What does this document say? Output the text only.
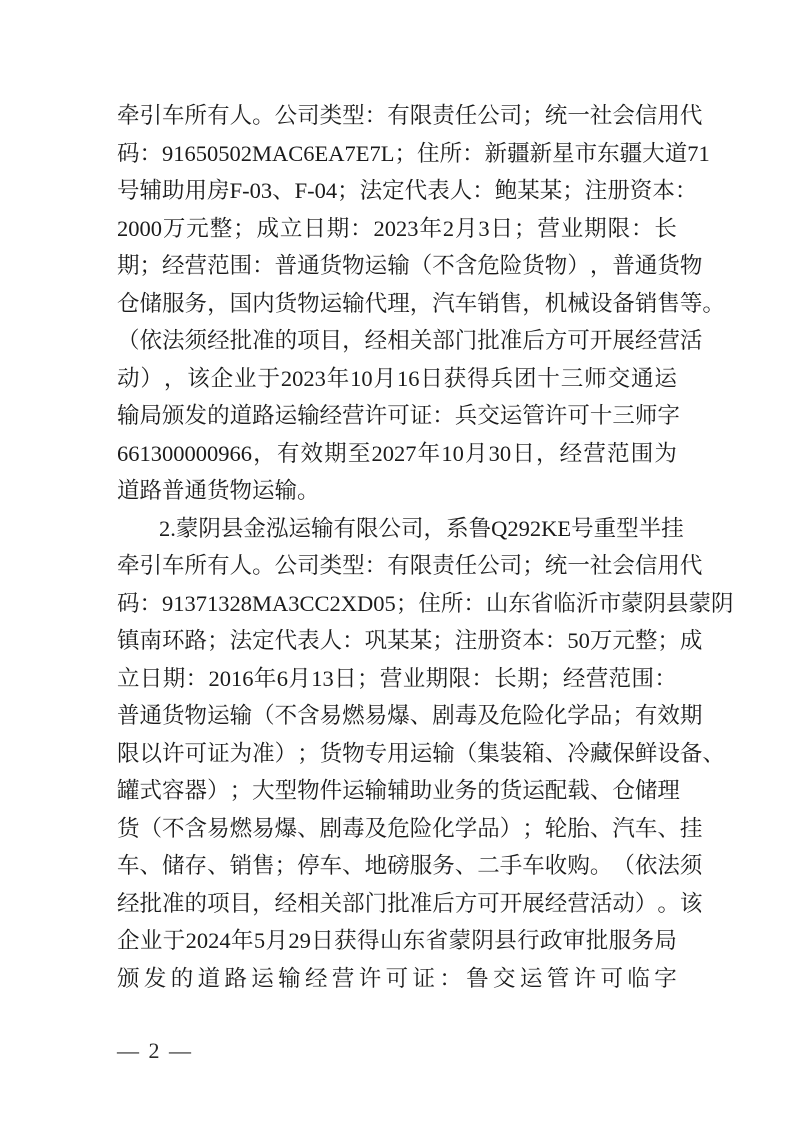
牵 引 车 所 有 人 。 公 司 类 型 ： 有 限 责 任 公 司 ； 统 一 社 会 信 用 代
码 ： 91650502MAC6EA7E7L ； 住 所 ： 新 疆 新 星 市 东 疆 大 道 71
号 辅 助 用 房 F-03 、 F-04 ； 法 定 代 表 人 ： 鲍 某 某 ； 注 册 资 本 ：
2000 万 元 整 ； 成 立 日 期 ： 2023 年 2 月 3 日 ； 营 业 期 限 ： 长
期 ； 经 营 范 围 ： 普 通 货 物 运 输 （ 不 含 危 险 货 物 ） ， 普 通 货 物
仓 储 服 务 ， 国 内 货 物 运 输 代 理 ， 汽 车 销 售 ， 机 械 设 备 销 售 等 。
（ 依 法 须 经 批 准 的 项 目 ， 经 相 关 部 门 批 准 后 方 可 开 展 经 营 活
动 ） ， 该 企 业 于 2023 年 10 月 16 日 获 得 兵 团 十 三 师 交 通 运
输 局 颁 发 的 道 路 运 输 经 营 许 可 证 ： 兵 交 运 管 许 可 十 三 师 字
661300000966 ， 有 效 期 至 2027 年 10 月 30 日 ， 经 营 范 围 为
道路普通货物运输。
2. 蒙 阴 县 金 泓 运 输 有 限 公 司 ， 系 鲁 Q292KE 号 重 型 半 挂
牵 引 车 所 有 人 。 公 司 类 型 ： 有 限 责 任 公 司 ； 统 一 社 会 信 用 代
码 ： 91371328MA3CC2XD05 ； 住 所 ： 山 东 省 临 沂 市 蒙 阴 县 蒙 阴
镇 南 环 路 ； 法 定 代 表 人 ： 巩 某 某 ； 注 册 资 本 ： 50 万 元 整 ； 成
立 日 期 ： 2016 年 6 月 13 日 ； 营 业 期 限 ： 长 期 ； 经 营 范 围 ：
普 通 货 物 运 输 （ 不 含 易 燃 易 爆 、 剧 毒 及 危 险 化 学 品 ； 有 效 期
限 以 许 可 证 为 准 ） ； 货 物 专 用 运 输 （ 集 装 箱 、 冷 藏 保 鲜 设 备 、
罐 式 容 器 ） ； 大 型 物 件 运 输 辅 助 业 务 的 货 运 配 载 、 仓 储 理
货 （ 不 含 易 燃 易 爆 、 剧 毒 及 危 险 化 学 品 ） ； 轮 胎 、 汽 车 、 挂
车 、 储 存 、 销 售 ； 停 车 、 地 磅 服 务 、 二 手 车 收 购 。 （ 依 法 须
经 批 准 的 项 目 ， 经 相 关 部 门 批 准 后 方 可 开 展 经 营 活 动 ） 。 该
企 业 于 2024 年 5 月 29 日 获 得 山 东 省 蒙 阴 县 行 政 审 批 服 务 局
颁 发 的 道 路 运 输 经 营 许 可 证 ： 鲁 交 运 管 许 可 临 字
— 2 —
